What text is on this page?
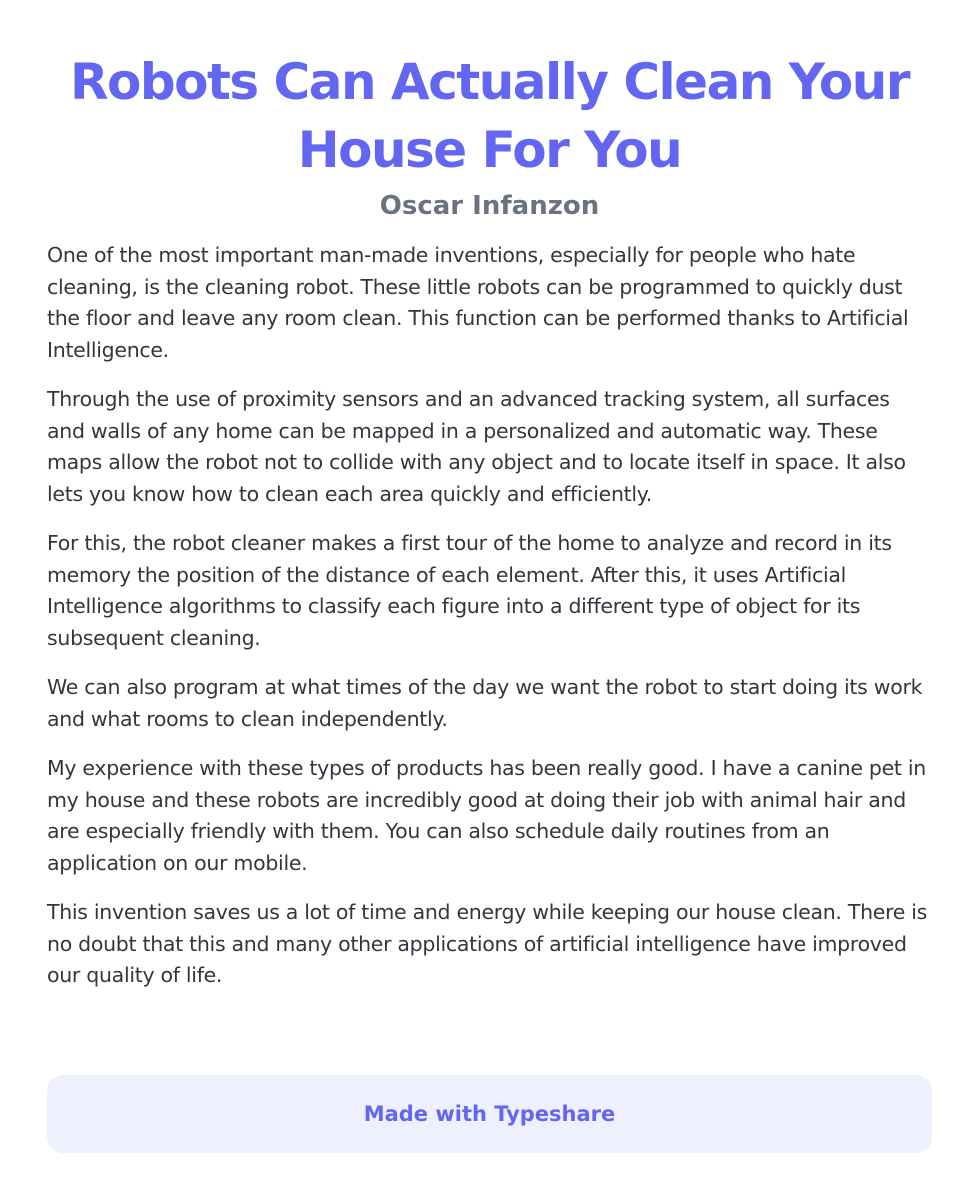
Robots Can Actually Clean Your House For You
Oscar Infanzon

One of the most important man-made inventions, especially for people who hate cleaning, is the cleaning robot. These little robots can be programmed to quickly dust the floor and leave any room clean. This function can be performed thanks to Artificial Intelligence.

Through the use of proximity sensors and an advanced tracking system, all surfaces and walls of any home can be mapped in a personalized and automatic way. These maps allow the robot not to collide with any object and to locate itself in space. It also lets you know how to clean each area quickly and efficiently.

For this, the robot cleaner makes a first tour of the home to analyze and record in its memory the position of the distance of each element. After this, it uses Artificial Intelligence algorithms to classify each figure into a different type of object for its subsequent cleaning.

We can also program at what times of the day we want the robot to start doing its work and what rooms to clean independently.

My experience with these types of products has been really good. I have a canine pet in my house and these robots are incredibly good at doing their job with animal hair and are especially friendly with them. You can also schedule daily routines from an application on our mobile.

This invention saves us a lot of time and energy while keeping our house clean. There is no doubt that this and many other applications of artificial intelligence have improved our quality of life.

Made with Typeshare
